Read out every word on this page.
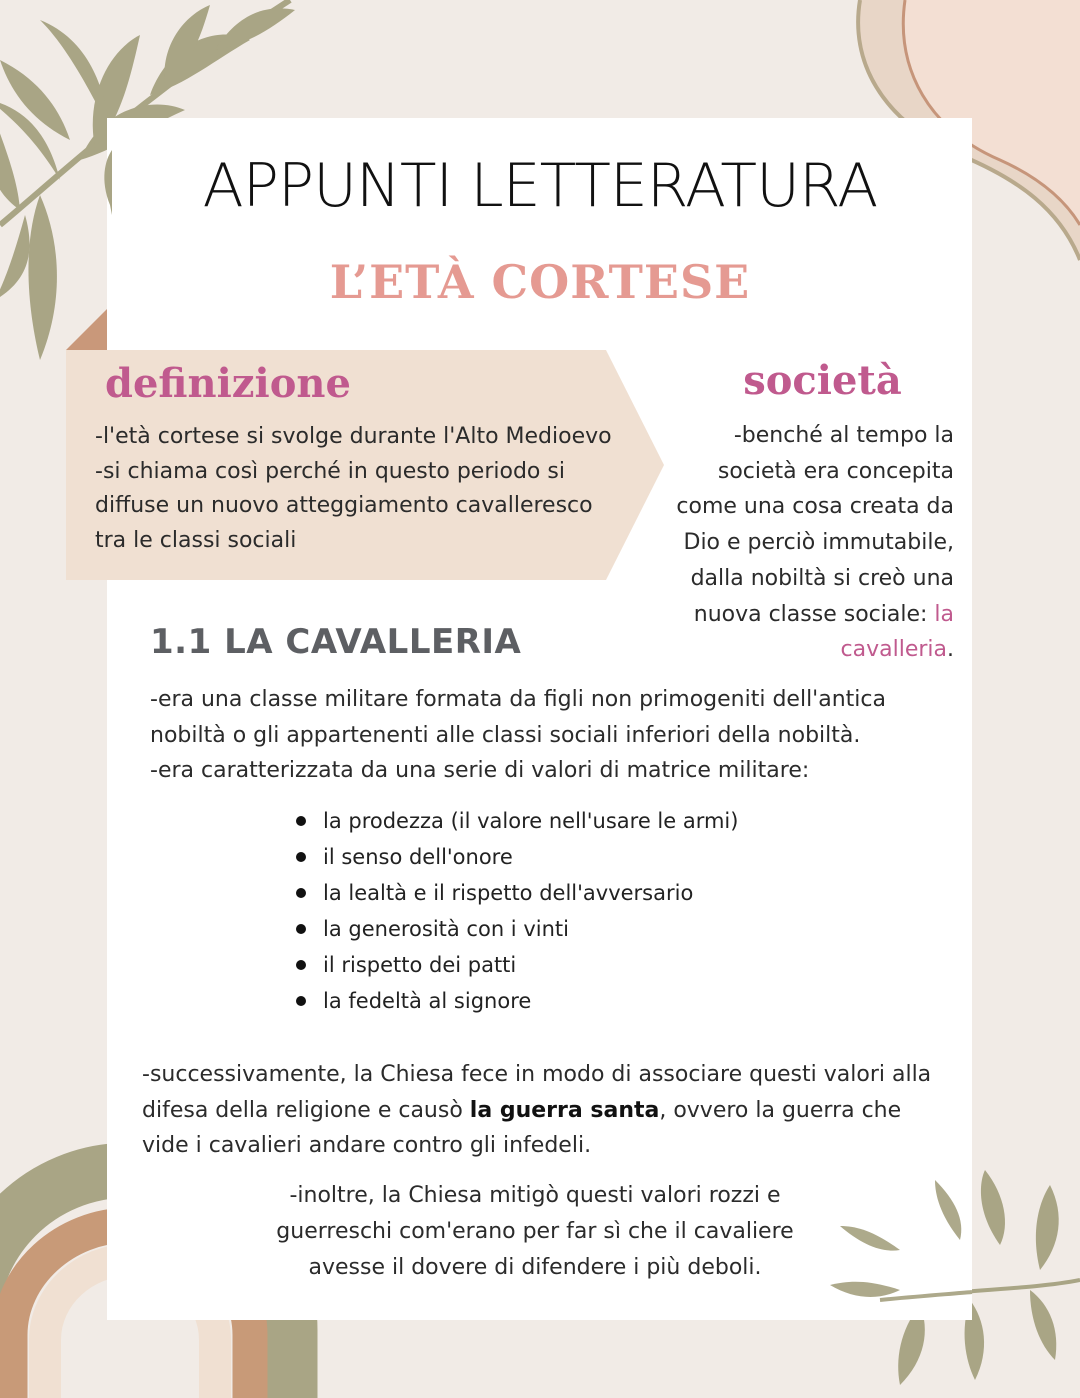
APPUNTI LETTERATURA
L’ETÀ CORTESE
definizione

-l'età cortese si svolge durante l'Alto Medioevo

-si chiama così perché in questo periodo si diffuse un nuovo atteggiamento cavalleresco tra le classi sociali

società
-benché al tempo la società era concepita come una cosa creata da Dio e perciò immutabile, dalla nobiltà si creò una nuova classe sociale: la cavalleria.
1.1 LA CAVALLERIA

-era una classe militare formata da figli non primogeniti dell'antica nobiltà o gli appartenenti alle classi sociali inferiori della nobiltà.

-era caratterizzata da una serie di valori di matrice militare:

la prodezza (il valore nell'usare le armi)
il senso dell'onore
la lealtà e il rispetto dell'avversario
la generosità con i vinti
il rispetto dei patti
la fedeltà al signore
-successivamente, la Chiesa fece in modo di associare questi valori alla difesa della religione e causò la guerra santa, ovvero la guerra che vide i cavalieri andare contro gli infedeli.
-inoltre, la Chiesa mitigò questi valori rozzi e guerreschi com'erano per far sì che il cavaliere avesse il dovere di difendere i più deboli.
